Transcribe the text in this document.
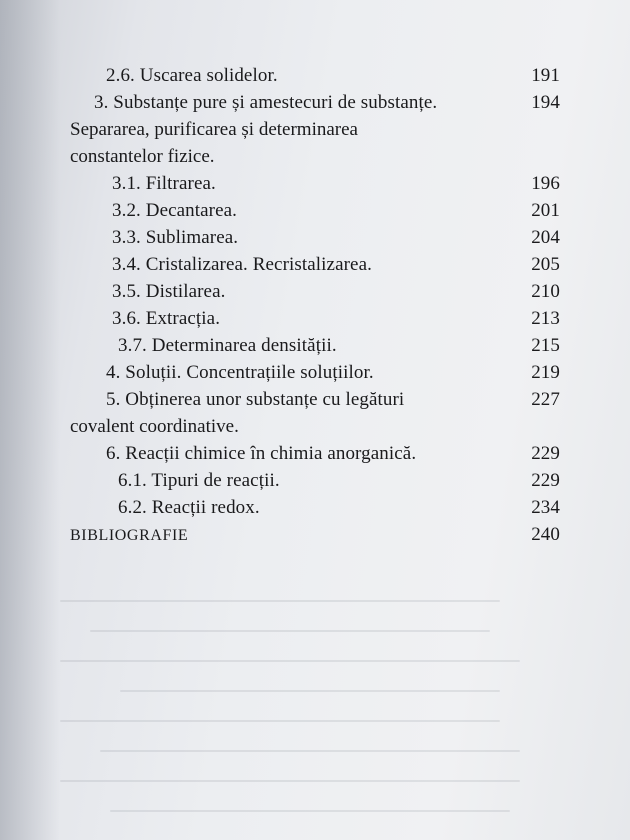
2.6. Uscarea solidelor.	191
3. Substanțe pure și amestecuri de substanțe.	194
Separarea, purificarea și determinarea
constantelor fizice.
3.1. Filtrarea.	196
3.2. Decantarea.	201
3.3. Sublimarea.	204
3.4. Cristalizarea. Recristalizarea.	205
3.5. Distilarea.	210
3.6. Extracția.	213
3.7. Determinarea densității.	215
4. Soluții. Concentrațiile soluțiilor.	219
5. Obținerea unor substanțe cu legături	227
covalent coordinative.
6. Reacții chimice în chimia anorganică.	229
6.1. Tipuri de reacții.	229
6.2. Reacții redox.	234
BIBLIOGRAFIE	240
